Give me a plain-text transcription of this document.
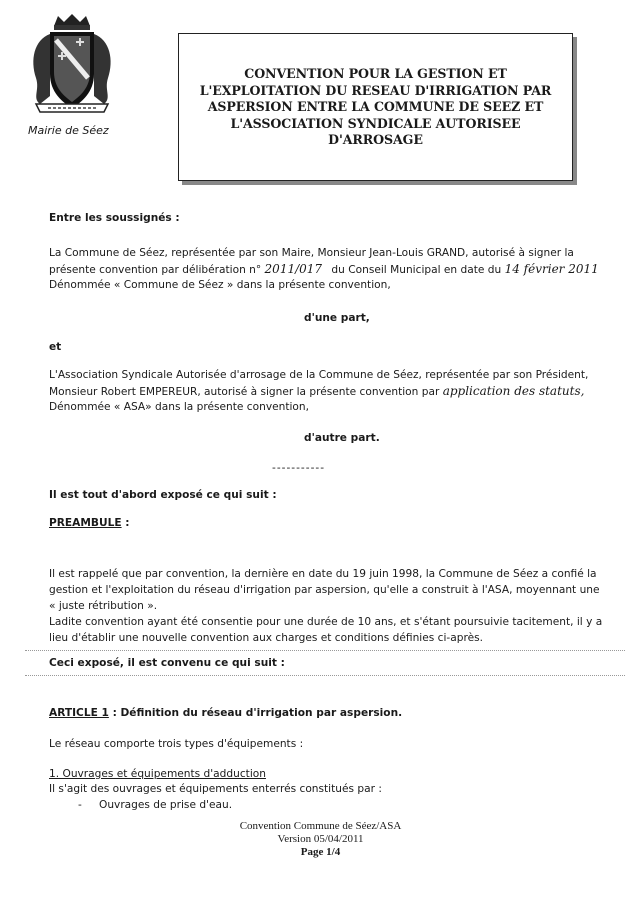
Mairie de Séez
CONVENTION POUR LA GESTION ET
L'EXPLOITATION DU RESEAU D'IRRIGATION PAR
ASPERSION ENTRE LA COMMUNE DE SEEZ ET
L'ASSOCIATION SYNDICALE AUTORISEE
D'ARROSAGE
Entre les soussignés :
La Commune de Séez, représentée par son Maire, Monsieur Jean-Louis GRAND, autorisé à signer la
présente convention par délibération n° 2011/017 du Conseil Municipal en date du 14 février 2011
Dénommée « Commune de Séez » dans la présente convention,
d'une part,
et
L'Association Syndicale Autorisée d'arrosage de la Commune de Séez, représentée par son Président,
Monsieur Robert EMPEREUR, autorisé à signer la présente convention par application des statuts,
Dénommée « ASA» dans la présente convention,
d'autre part.
-----------
Il est tout d'abord exposé ce qui suit :
PREAMBULE :
Il est rappelé que par convention, la dernière en date du 19 juin 1998, la Commune de Séez a confié la
gestion et l'exploitation du réseau d'irrigation par aspersion, qu'elle a construit à l'ASA, moyennant une
« juste rétribution ».
Ladite convention ayant été consentie pour une durée de 10 ans, et s'étant poursuivie tacitement, il y a
lieu d'établir une nouvelle convention aux charges et conditions définies ci-après.
Ceci exposé, il est convenu ce qui suit :
ARTICLE 1 : Définition du réseau d'irrigation par aspersion.
Le réseau comporte trois types d'équipements :
1. Ouvrages et équipements d'adduction
Il s'agit des ouvrages et équipements enterrés constitués par :
- Ouvrages de prise d'eau.
Convention Commune de Séez/ASA
Version 05/04/2011
Page 1/4
